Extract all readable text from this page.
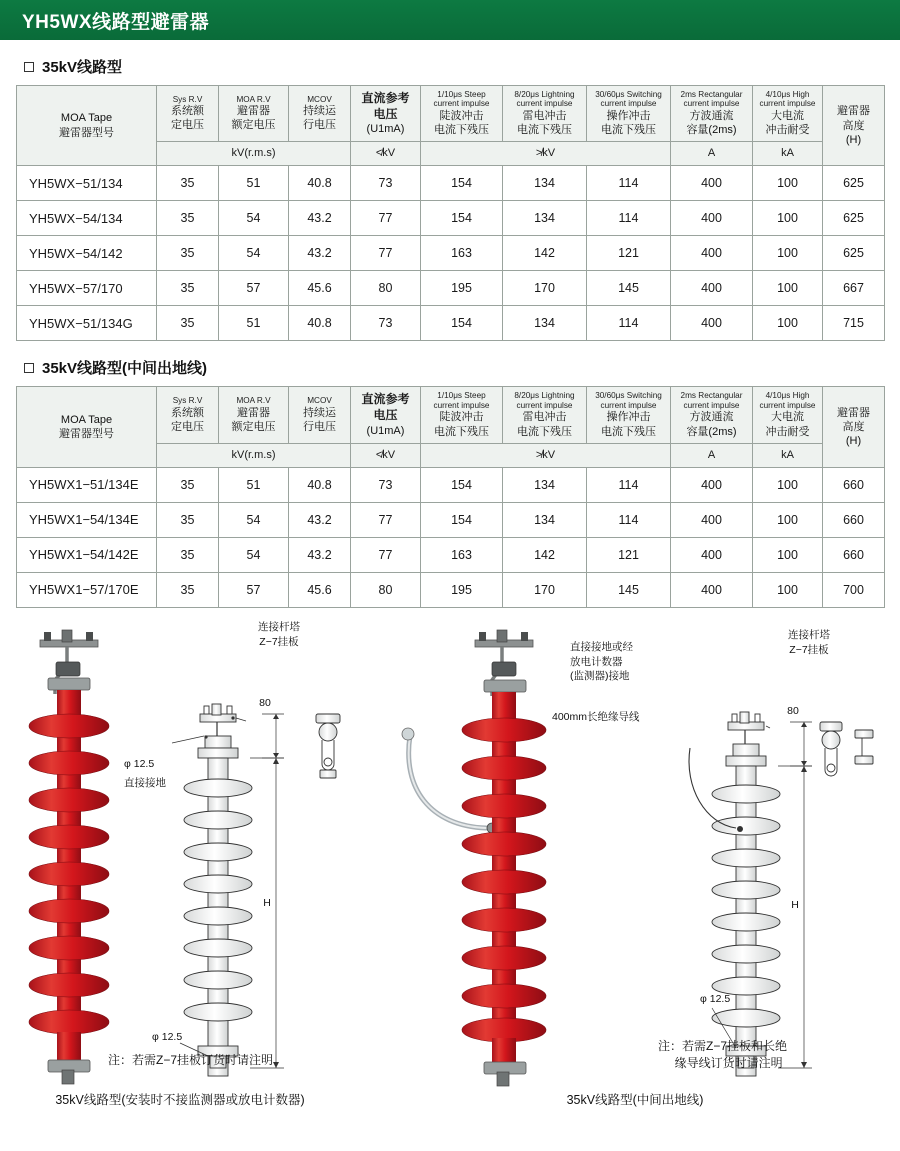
YH5WX线路型避雷器
35kV线路型
MOA Tape
避雷器型号	Sys R.V
系统额
定电压	MOA R.V
避雷器
额定电压	MCOV
持续运
行电压	直流参考
电压
(U1mA)	1/10μs Steep
current impulse
陡波冲击
电流下残压	8/20μs Lightning
current impulse
雷电冲击
电流下残压	30/60μs Switching
current impulse
操作冲击
电流下残压	2ms Rectangular
current impulse
方波通流
容量(2ms)	4/10μs High
current impulse
大电流
冲击耐受	避雷器
高度
(H)

	kV(r.m.s)			≮kV	≯kV			A	kA	
YH5WX−51/134	35	51	40.8	73	154	134	114	400	100	625
YH5WX−54/134	35	54	43.2	77	154	134	114	400	100	625
YH5WX−54/142	35	54	43.2	77	163	142	121	400	100	625
YH5WX−57/170	35	57	45.6	80	195	170	145	400	100	667
YH5WX−51/134G	35	51	40.8	73	154	134	114	400	100	715
35kV线路型(中间出地线)
MOA Tape
避雷器型号	Sys R.V
系统额
定电压	MOA R.V
避雷器
额定电压	MCOV
持续运
行电压	直流参考
电压
(U1mA)	1/10μs Steep
current impulse
陡波冲击
电流下残压	8/20μs Lightning
current impulse
雷电冲击
电流下残压	30/60μs Switching
current impulse
操作冲击
电流下残压	2ms Rectangular
current impulse
方波通流
容量(2ms)	4/10μs High
current impulse
大电流
冲击耐受	避雷器
高度
(H)

	kV(r.m.s)			≮kV	≯kV			A	kA	
YH5WX1−51/134E	35	51	40.8	73	154	134	114	400	100	660
YH5WX1−54/134E	35	54	43.2	77	154	134	114	400	100	660
YH5WX1−54/142E	35	54	43.2	77	163	142	121	400	100	660
YH5WX1−57/170E	35	57	45.6	80	195	170	145	400	100	700
连接杆塔
Z−7挂板
80
φ 12.5
直接接地
H
φ 12.5
注：若需Z−7挂板订货时请注明
35kV线路型(安装时不接监测器或放电计数器)
直接接地或经
放电计数器
(监测器)接地
400mm长绝缘导线
连接杆塔
Z−7挂板
80
H
φ 12.5
注：若需Z−7挂板和长绝
缘导线订货时请注明
35kV线路型(中间出地线)
